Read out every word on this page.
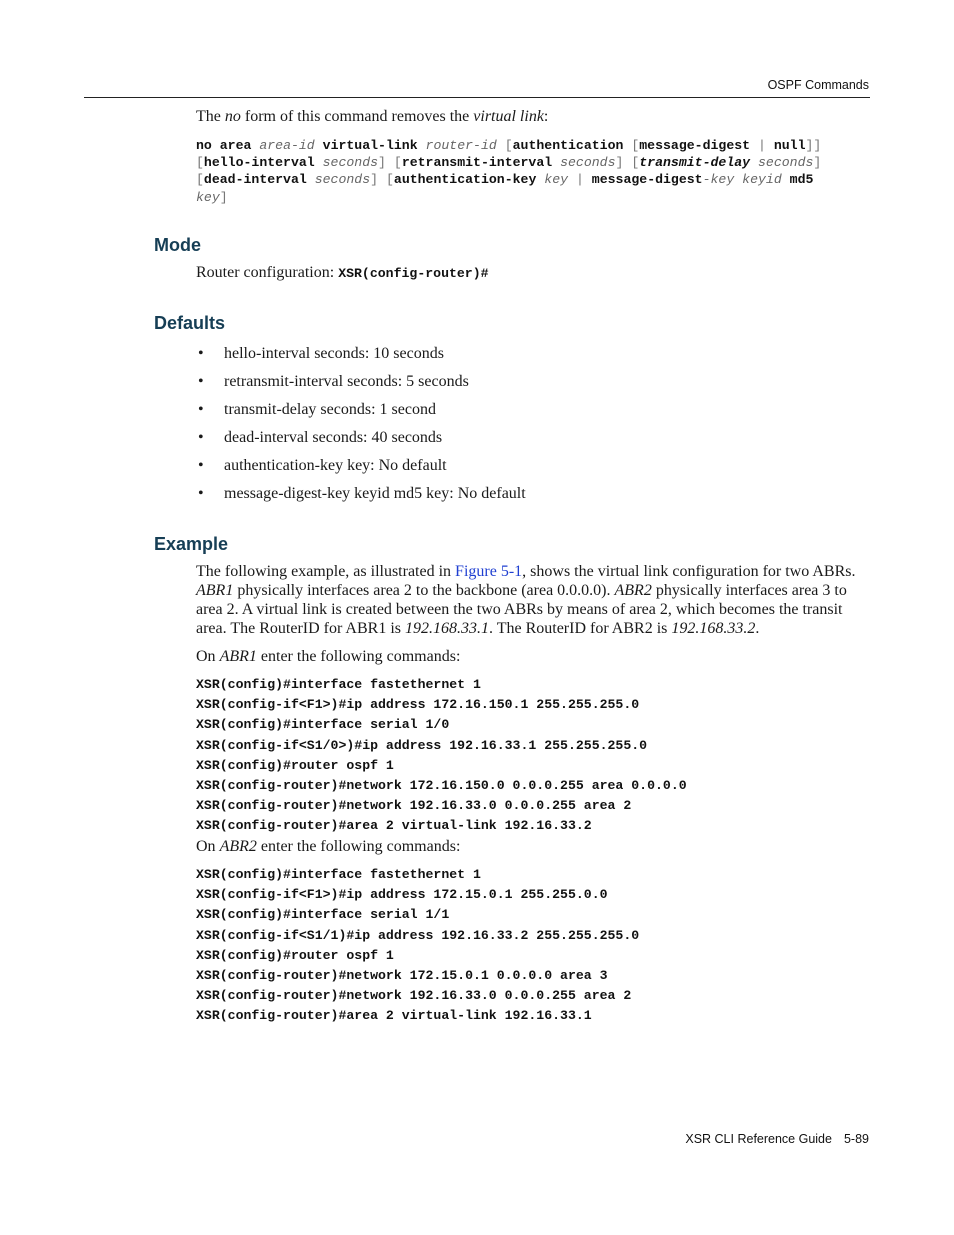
OSPF Commands

The no form of this command removes the virtual link:

no area area-id virtual-link router-id [authentication [message-digest | null]]
[hello-interval seconds] [retransmit-interval seconds] [transmit-delay seconds]
[dead-interval seconds] [authentication-key key | message-digest-key keyid md5
key]

Mode

Router configuration: XSR(config-router)#

Defaults
• hello-interval seconds: 10 seconds
• retransmit-interval seconds: 5 seconds
• transmit-delay seconds: 1 second
• dead-interval seconds: 40 seconds
• authentication-key key: No default
• message-digest-key keyid md5 key: No default
Example

The following example, as illustrated in Figure 5-1, shows the virtual link configuration for two ABRs. ABR1 physically interfaces area 2 to the backbone (area 0.0.0.0). ABR2 physically interfaces area 3 to area 2. A virtual link is created between the two ABRs by means of area 2, which becomes the transit area. The RouterID for ABR1 is 192.168.33.1. The RouterID for ABR2 is 192.168.33.2.

On ABR1 enter the following commands:

XSR(config)#interface fastethernet 1
XSR(config-if<F1>)#ip address 172.16.150.1 255.255.255.0
XSR(config)#interface serial 1/0
XSR(config-if<S1/0>)#ip address 192.16.33.1 255.255.255.0
XSR(config)#router ospf 1
XSR(config-router)#network 172.16.150.0 0.0.0.255 area 0.0.0.0
XSR(config-router)#network 192.16.33.0 0.0.0.255 area 2
XSR(config-router)#area 2 virtual-link 192.16.33.2

On ABR2 enter the following commands:

XSR(config)#interface fastethernet 1
XSR(config-if<F1>)#ip address 172.15.0.1 255.255.0.0
XSR(config)#interface serial 1/1
XSR(config-if<S1/1)#ip address 192.16.33.2 255.255.255.0
XSR(config)#router ospf 1
XSR(config-router)#network 172.15.0.1 0.0.0.0 area 3
XSR(config-router)#network 192.16.33.0 0.0.0.255 area 2
XSR(config-router)#area 2 virtual-link 192.16.33.1
XSR CLI Reference Guide 5-89
